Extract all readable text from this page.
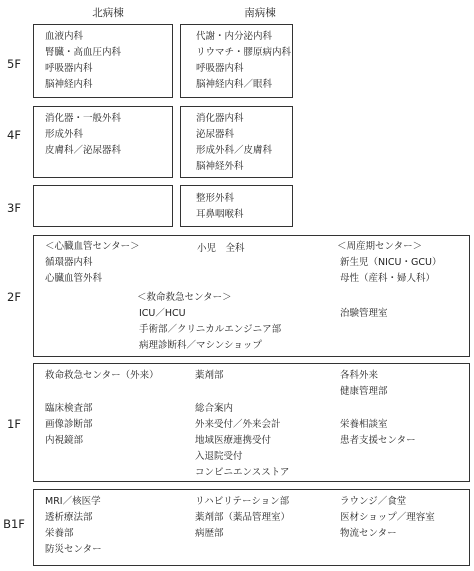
北病棟	南病棟
5F
4F
3F
2F
1F
B1F
血液内科
腎臓・高血圧内科
呼吸器内科
脳神経内科
代謝・内分泌内科
リウマチ・膠原病内科
呼吸器内科
脳神経内科／眼科
消化器・一般外科
形成外科
皮膚科／泌尿器科
消化器内科
泌尿器科
形成外科／皮膚科
脳神経外科
整形外科
耳鼻咽喉科
＜心臓血管センター＞
循環器内科
心臓血管外科
小児　全科	＜周産期センター＞
新生児（NICU・GCU）
母性（産科・婦人科）
＜救命救急センター＞
ICU／HCU
手術部／クリニカルエンジニア部
病理診断科／マシンショップ
治験管理室
救命救急センター（外来）
臨床検査部
画像診断部
内視鏡部
薬剤部
総合案内
外来受付／外来会計
地域医療連携受付
入退院受付
コンビニエンスストア
各科外来
健康管理部
栄養相談室
患者支援センター
MRI／核医学
透析療法部
栄養部
防災センター
リハビリテーション部
薬剤部（薬品管理室）
病歴部
ラウンジ／食堂
医材ショップ／理容室
物流センター
